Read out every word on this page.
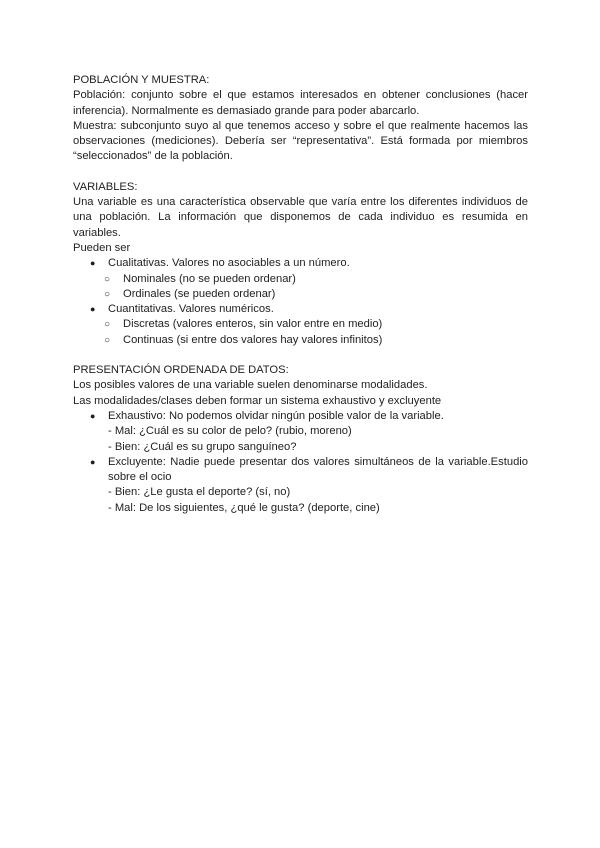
POBLACIÓN Y MUESTRA:

Población: conjunto sobre el que estamos interesados en obtener conclusiones (hacer

inferencia). Normalmente es demasiado grande para poder abarcarlo.

Muestra: subconjunto suyo al que tenemos acceso y sobre el que realmente hacemos las

observaciones (mediciones). Debería ser “representativa”. Está formada por miembros

“seleccionados” de la población.

VARIABLES:

Una variable es una característica observable que varía entre los diferentes individuos de

una población. La información que disponemos de cada individuo es resumida en variables.

Pueden ser

● Cualitativas. Valores no asociables a un número.
○ Nominales (no se pueden ordenar)
○ Ordinales (se pueden ordenar)
● Cuantitativas. Valores numéricos.
○ Discretas (valores enteros, sin valor entre en medio)
○ Continuas (si entre dos valores hay valores infinitos)

PRESENTACIÓN ORDENADA DE DATOS:

Los posibles valores de una variable suelen denominarse modalidades.

Las modalidades/clases deben formar un sistema exhaustivo y excluyente

● Exhaustivo: No podemos olvidar ningún posible valor de la variable.
- Mal: ¿Cuál es su color de pelo? (rubio, moreno)
- Bien: ¿Cuál es su grupo sanguíneo?
● Excluyente: Nadie puede presentar dos valores simultáneos de la variable.Estudio
sobre el ocio
- Bien: ¿Le gusta el deporte? (sí, no)
- Mal: De los siguientes, ¿qué le gusta? (deporte, cine)
